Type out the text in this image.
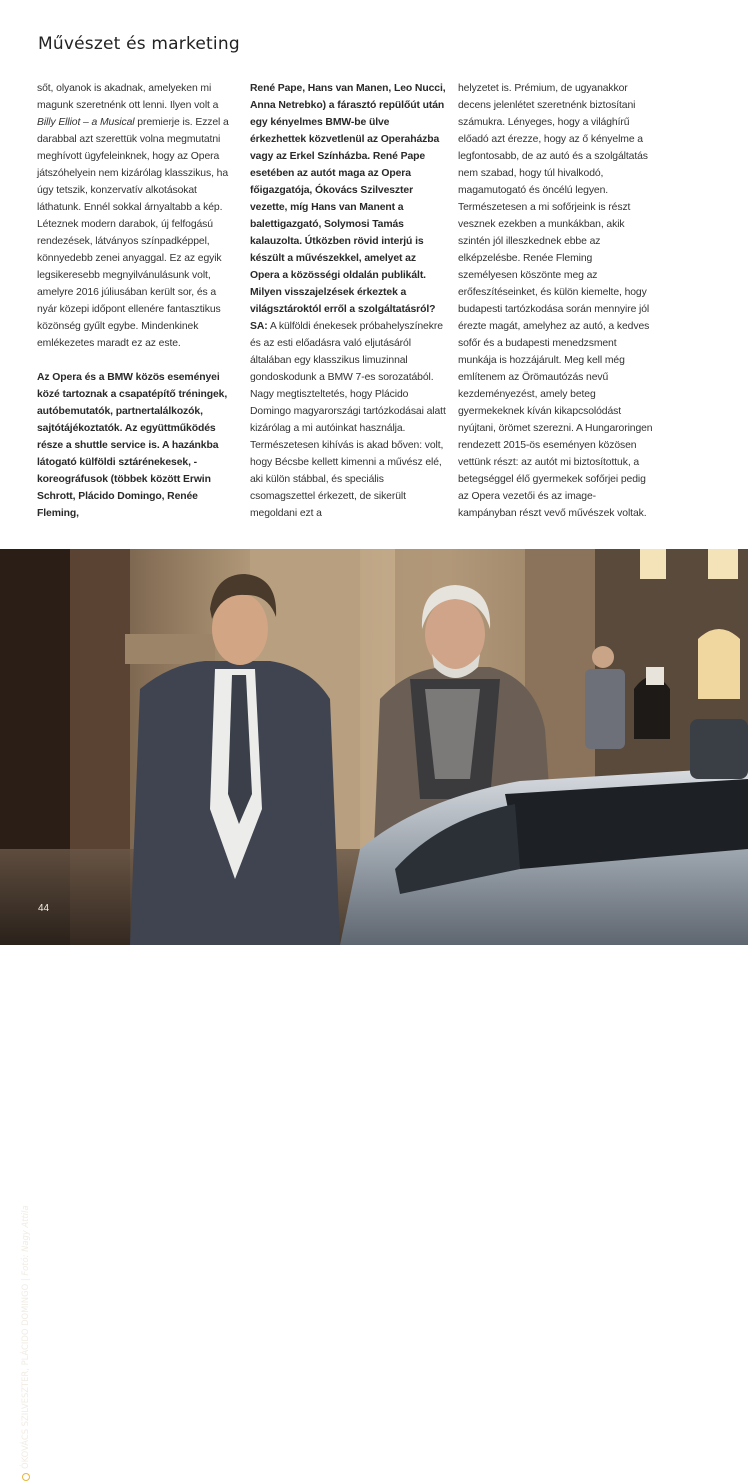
Művészet és marketing

sőt, olyanok is akadnak, amelyeken mi magunk szeretnénk ott lenni. Ilyen volt a Billy Elliot – a Musical premierje is. Ezzel a darabbal azt szerettük volna megmutatni meghívott ügyfeleinknek, hogy az Opera játszóhelyein nem kizárólag klasszikus, ha úgy tetszik, konzervatív alkotásokat láthatunk. Ennél sokkal árnyaltabb a kép. Léteznek modern darabok, új felfogású rendezések, látványos színpadképpel, könnyedebb zenei anyaggal. Ez az egyik legsikeresebb megnyilvánulásunk volt, amelyre 2016 júliusában került sor, és a nyár közepi időpont ellenére fantasztikus közönség gyűlt egybe. Mindenkinek emlékezetes maradt ez az este.

Az Opera és a BMW közös eseményei közé tartoznak a csapatépítő tréningek, autóbemutatók, partnertalálkozók, sajtótájékoztatók. Az együttműködés része a shuttle service is. A hazánkba látogató külföldi sztárénekesek, -koreográfusok (többek között Erwin Schrott, Plácido Domingo, Renée Fleming,

René Pape, Hans van Manen, Leo Nucci, Anna Netrebko) a fárasztó repülőút után egy kényelmes BMW-be ülve érkezhettek közvetlenül az Operaházba vagy az Erkel Színházba. René Pape esetében az autót maga az Opera főigazgatója, Ókovács Szilveszter vezette, míg Hans van Manent a balettigazgató, Solymosi Tamás kalauzolta. Útközben rövid interjú is készült a művészekkel, amelyet az Opera a közösségi oldalán publikált. Milyen visszajelzések érkeztek a világsztároktól erről a szolgáltatásról?

SA: A külföldi énekesek próbahelyszínekre és az esti előadásra való eljutásáról általában egy klasszikus limuzinnal gondoskodunk a BMW 7-es sorozatából. Nagy megtiszteltetés, hogy Plácido Domingo magyarországi tartózkodásai alatt kizárólag a mi autóinkat használja. Természetesen kihívás is akad bőven: volt, hogy Bécsbe kellett kimenni a művész elé, aki külön stábbal, és speciális csomagszettel érkezett, de sikerült megoldani ezt a

helyzetet is. Prémium, de ugyanakkor decens jelenlétet szeretnénk biztosítani számukra. Lényeges, hogy a világhírű előadó azt érezze, hogy az ő kényelme a legfontosabb, de az autó és a szolgáltatás nem szabad, hogy túl hivalkodó, magamutogató és öncélú legyen. Természetesen a mi sofőrjeink is részt vesznek ezekben a munkákban, akik szintén jól illeszkednek ebbe az elképzelésbe. Renée Fleming személyesen köszönte meg az erőfeszítéseinket, és külön kiemelte, hogy budapesti tartózkodása során mennyire jól érezte magát, amelyhez az autó, a kedves sofőr és a budapesti menedzsment munkája is hozzájárult. Meg kell még említenem az Örömautózás nevű kezdeményezést, amely beteg gyermekeknek kíván kikapcsolódást nyújtani, örömet szerezni. A Hungaroringen rendezett 2015-ös eseményen közösen vettünk részt: az autót mi biztosítottuk, a betegséggel élő gyermekek sofőrjei pedig az Opera vezetői és az image-kampányban részt vevő művészek voltak.

ÓKOVÁCS SZILVESZTER, PLÁCIDO DOMINGO | Fotó: Nagy Attila
44
